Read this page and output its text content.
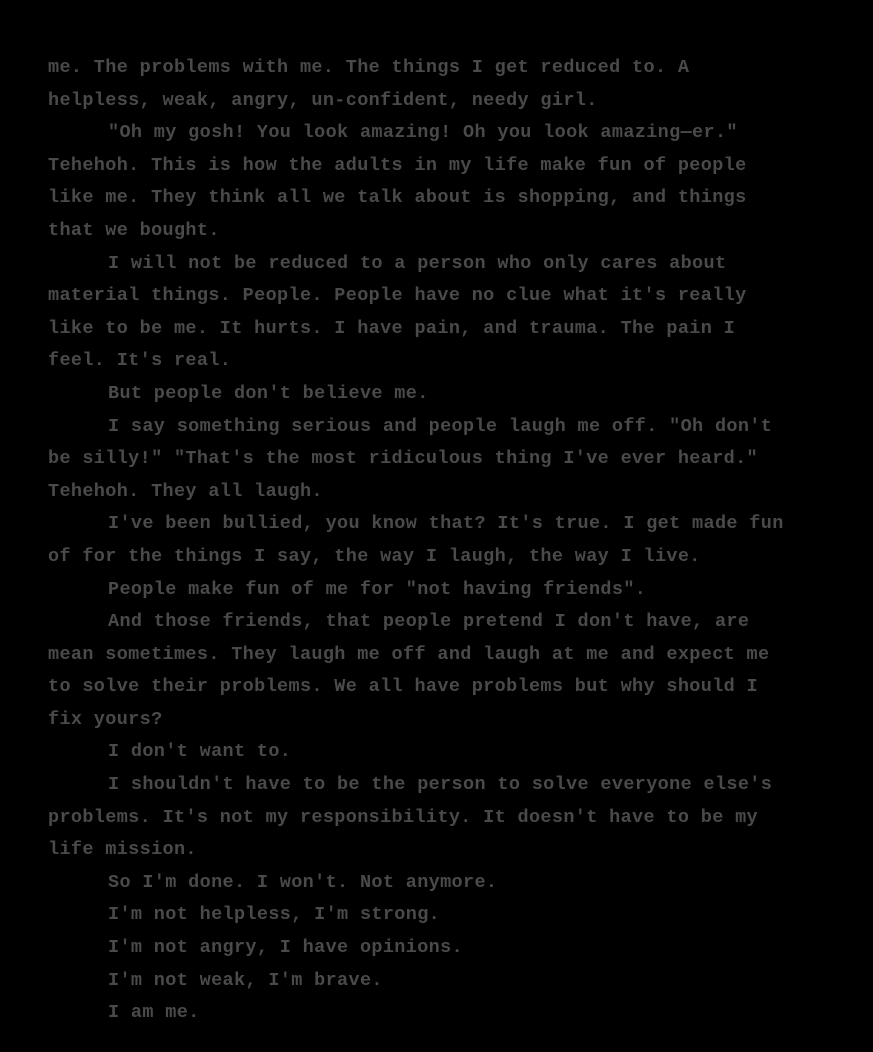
me. The problems with me. The things I get reduced to. A helpless, weak, angry, un-confident, needy girl.

"Oh my gosh! You look amazing! Oh you look amazing—er." Tehehoh. This is how the adults in my life make fun of people like me. They think all we talk about is shopping, and things that we bought.

I will not be reduced to a person who only cares about material things. People. People have no clue what it's really like to be me. It hurts. I have pain, and trauma. The pain I feel. It's real.

But people don't believe me.

I say something serious and people laugh me off. "Oh don't be silly!" "That's the most ridiculous thing I've ever heard." Tehehoh. They all laugh.

I've been bullied, you know that? It's true. I get made fun of for the things I say, the way I laugh, the way I live.

People make fun of me for "not having friends".

And those friends, that people pretend I don't have, are mean sometimes. They laugh me off and laugh at me and expect me to solve their problems. We all have problems but why should I fix yours?

I don't want to.

I shouldn't have to be the person to solve everyone else's problems. It's not my responsibility. It doesn't have to be my life mission.

So I'm done. I won't. Not anymore.

I'm not helpless, I'm strong.

I'm not angry, I have opinions.

I'm not weak, I'm brave.

I am me.
